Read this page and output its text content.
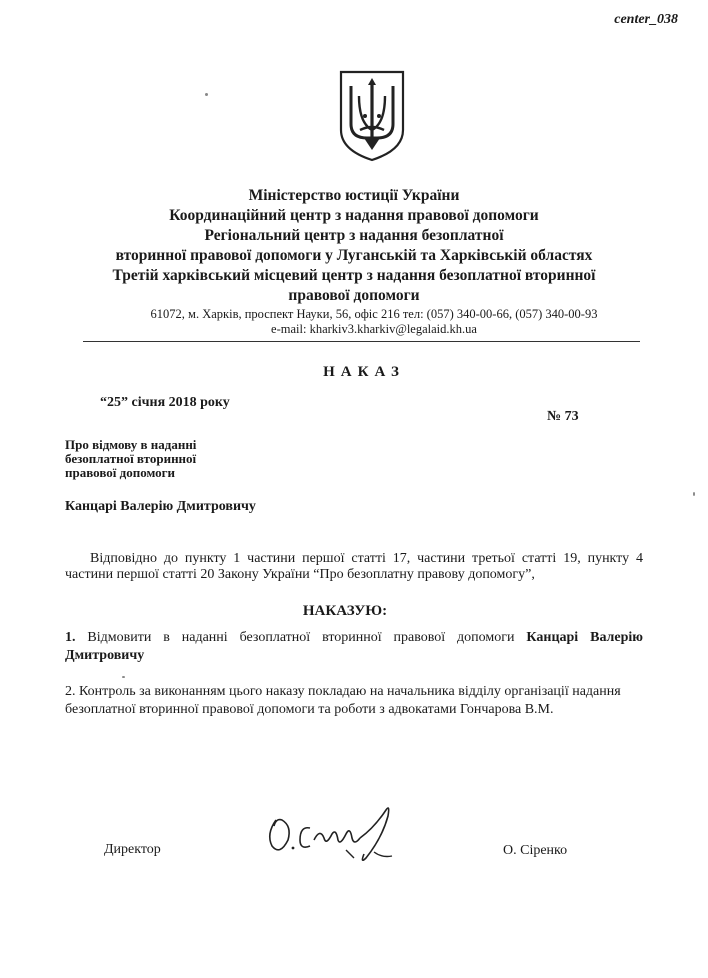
center_038
Міністерство юстиції України
Координаційний центр з надання правової допомоги
Регіональний центр з надання безоплатної
вторинної правової допомоги у Луганській та Харківській областях
Третій харківський місцевий центр з надання безоплатної вторинної
правової допомоги
61072, м. Харків, проспект Науки, 56, офіс 216 тел: (057) 340-00-66, (057) 340-00-93
e-mail: kharkiv3.kharkiv@legalaid.kh.ua
НАКАЗ
“25” січня 2018 року
№ 73
Про відмову в наданні
безоплатної вторинної
правової допомоги
Канцарі Валерію Дмитровичу
Відповідно до пункту 1 частини першої статті 17, частини третьої статті 19, пункту 4 частини першої статті 20 Закону України “Про безоплатну правову допомогу”,
НАКАЗУЮ:
1. Відмовити в наданні безоплатної вторинної правової допомоги Канцарі Валерію Дмитровичу
2. Контроль за виконанням цього наказу покладаю на начальника відділу організації надання безоплатної вторинної правової допомоги та роботи з адвокатами Гончарова В.М.
Директор	О. Сіренко
